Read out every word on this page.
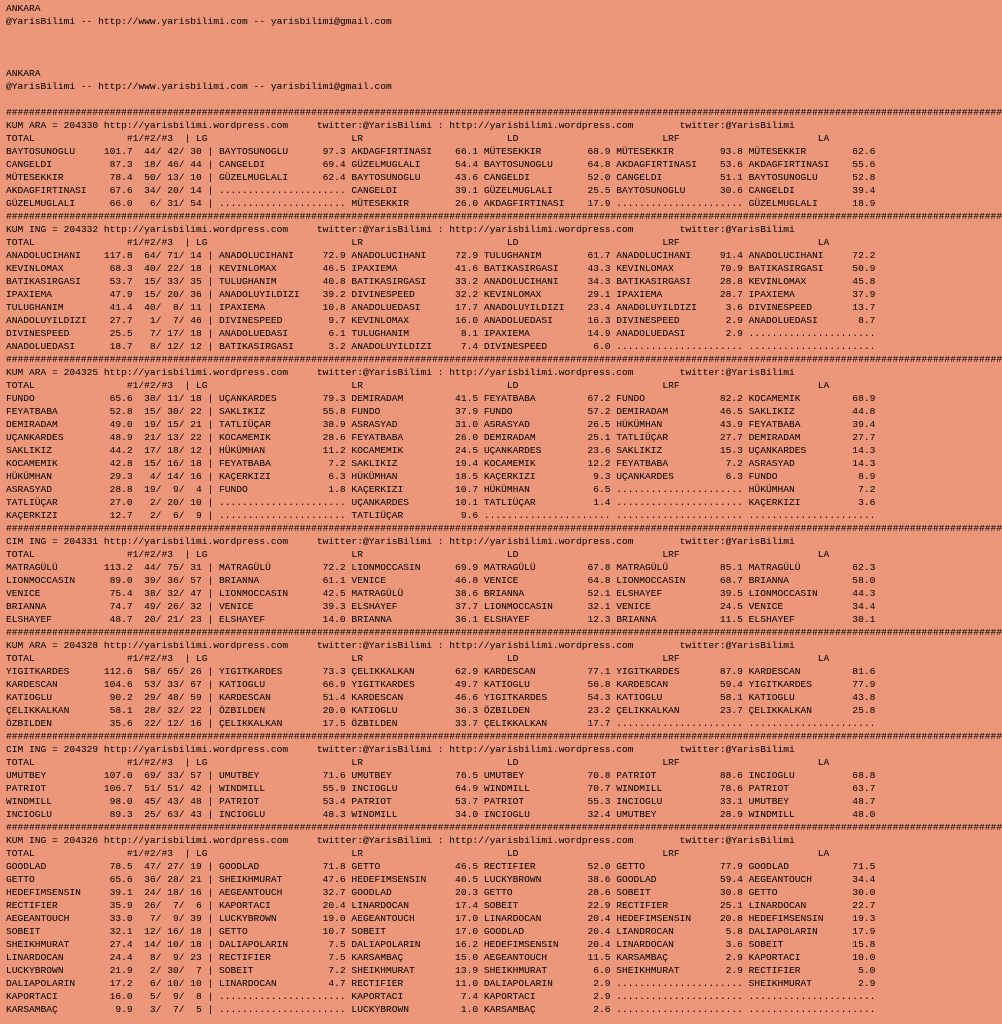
ANKARA
@YarisBilimi -- http://www.yarisbilimi.com -- yarisbilimi@gmail.com
ANKARA
@YarisBilimi -- http://www.yarisbilimi.com -- yarisbilimi@gmail.com
#############################################################################################################################################################################
KUM ARA = 204330 http://yarisbilimi.wordpress.com     twitter:@YarisBilimi : http://yarisbilimi.wordpress.com        twitter:@YarisBilimi
TOTAL                #1/#2/#3  | LG                         LR                         LD                         LRF                        LA
BAYTOSUNOGLU     101.7  44/ 42/ 30 | BAYTOSUNOGLU      97.3 AKDAGFIRTINASI    66.1 MÜTESEKKIR        68.9 MÜTESEKKIR        93.8 MÜTESEKKIR        62.6
CANGELDI          87.3  18/ 46/ 44 | CANGELDI          69.4 GÜZELMUGLALI      54.4 BAYTOSUNOGLU      64.8 AKDAGFIRTINASI    53.6 AKDAGFIRTINASI    55.6
MÜTESEKKIR        78.4  50/ 13/ 10 | GÜZELMUGLALI      62.4 BAYTOSUNOGLU      43.6 CANGELDI          52.0 CANGELDI          51.1 BAYTOSUNOGLU      52.8
AKDAGFIRTINASI    67.6  34/ 20/ 14 | ...................... CANGELDI          39.1 GÜZELMUGLALI      25.5 BAYTOSUNOGLU      30.6 CANGELDI          39.4
GÜZELMUGLALI      66.0   6/ 31/ 54 | ...................... MÜTESEKKIR        26.0 AKDAGFIRTINASI    17.9 ...................... GÜZELMUGLALI      18.9
#############################################################################################################################################################################
KUM ING = 204332 http://yarisbilimi.wordpress.com     twitter:@YarisBilimi : http://yarisbilimi.wordpress.com        twitter:@YarisBilimi
TOTAL                #1/#2/#3  | LG                         LR                         LD                         LRF                        LA
ANADOLUCIHANI    117.8  64/ 71/ 14 | ANADOLUCIHANI     72.9 ANADOLUCIHANI     72.9 TULUGHANIM        61.7 ANADOLUCIHANI     91.4 ANADOLUCIHANI     72.2
KEVINLOMAX        68.3  40/ 22/ 18 | KEVINLOMAX        46.5 IPAXIEMA          41.6 BATIKASIRGASI     43.3 KEVINLOMAX        70.9 BATIKASIRGASI     50.9
BATIKASIRGASI     53.7  15/ 33/ 35 | TULUGHANIM        40.8 BATIKASIRGASI     33.2 ANADOLUCIHANI     34.3 BATIKASIRGASI     28.8 KEVINLOMAX        45.8
IPAXIEMA          47.9  15/ 20/ 36 | ANADOLUYILDIZI    39.2 DIVINESPEED       32.2 KEVINLOMAX        29.1 IPAXIEMA          28.7 IPAXIEMA          37.9
TULUGHANIM        41.4  40/  8/ 11 | IPAXIEMA          10.8 ANADOLUEDASI      17.7 ANADOLUYILDIZI    23.4 ANADOLUYILDIZI     3.6 DIVINESPEED       13.7
ANADOLUYILDIZI    27.7   1/  7/ 46 | DIVINESPEED        9.7 KEVINLOMAX        16.0 ANADOLUEDASI      16.3 DIVINESPEED        2.9 ANADOLUEDASI       8.7
DIVINESPEED       25.5   7/ 17/ 18 | ANADOLUEDASI       6.1 TULUGHANIM         8.1 IPAXIEMA          14.9 ANADOLUEDASI       2.9 ......................
ANADOLUEDASI      18.7   8/ 12/ 12 | BATIKASIRGASI      3.2 ANADOLUYILDIZI     7.4 DIVINESPEED        6.0 ...................... ......................
#############################################################################################################################################################################
KUM ARA = 204325 http://yarisbilimi.wordpress.com     twitter:@YarisBilimi : http://yarisbilimi.wordpress.com        twitter:@YarisBilimi
TOTAL                #1/#2/#3  | LG                         LR                         LD                         LRF                        LA
FUNDO             65.6  38/ 11/ 18 | UÇANKARDES        79.3 DEMIRADAM         41.5 FEYATBABA         67.2 FUNDO             82.2 KOCAMEMIK         68.9
FEYATBABA         52.8  15/ 30/ 22 | SAKLIKIZ          55.8 FUNDO             37.9 FUNDO             57.2 DEMIRADAM         46.5 SAKLIKIZ          44.8
DEMIRADAM         49.0  19/ 15/ 21 | TATLIÜÇAR         38.9 ASRASYAD          31.0 ASRASYAD          26.5 HÜKÜMHAN          43.9 FEYATBABA         39.4
UÇANKARDES        48.9  21/ 13/ 22 | KOCAMEMIK         28.6 FEYATBABA         26.0 DEMIRADAM         25.1 TATLIÜÇAR         27.7 DEMIRADAM         27.7
SAKLIKIZ          44.2  17/ 18/ 12 | HÜKÜMHAN          11.2 KOCAMEMIK         24.5 UÇANKARDES        23.6 SAKLIKIZ          15.3 UÇANKARDES        14.3
KOCAMEMIK         42.8  15/ 16/ 18 | FEYATBABA          7.2 SAKLIKIZ          19.4 KOCAMEMIK         12.2 FEYATBABA          7.2 ASRASYAD          14.3
HÜKÜMHAN          29.3   4/ 14/ 16 | KAÇERKIZI          6.3 HÜKÜMHAN          18.5 KAÇERKIZI          9.3 UÇANKARDES         6.3 FUNDO              8.9
ASRASYAD          28.8  19/  9/  4 | FUNDO              1.8 KAÇERKIZI         10.7 HÜKÜMHAN           6.5 ...................... HÜKÜMHAN           7.2
TATLIÜÇAR         27.0   2/ 20/ 10 | ...................... UÇANKARDES        10.1 TATLIÜÇAR          1.4 ...................... KAÇERKIZI          3.6
KAÇERKIZI         12.7   2/  6/  9 | ...................... TATLIÜÇAR          9.6 ...................... ...................... ......................
#############################################################################################################################################################################
CIM ING = 204331 http://yarisbilimi.wordpress.com     twitter:@YarisBilimi : http://yarisbilimi.wordpress.com        twitter:@YarisBilimi
TOTAL                #1/#2/#3  | LG                         LR                         LD                         LRF                        LA
MATRAGÜLÜ        113.2  44/ 75/ 31 | MATRAGÜLÜ         72.2 LIONMOCCASIN      69.9 MATRAGÜLÜ         67.8 MATRAGÜLÜ         85.1 MATRAGÜLÜ         62.3
LIONMOCCASIN      89.0  39/ 36/ 57 | BRIANNA           61.1 VENICE            46.8 VENICE            64.8 LIONMOCCASIN      68.7 BRIANNA           58.0
VENICE            75.4  38/ 32/ 47 | LIONMOCCASIN      42.5 MATRAGÜLÜ         38.6 BRIANNA           52.1 ELSHAYEF          39.5 LIONMOCCASIN      44.3
BRIANNA           74.7  49/ 26/ 32 | VENICE            39.3 ELSHAYEF          37.7 LIONMOCCASIN      32.1 VENICE            24.5 VENICE            34.4
ELSHAYEF          48.7  20/ 21/ 23 | ELSHAYEF          14.0 BRIANNA           36.1 ELSHAYEF          12.3 BRIANNA           11.5 ELSHAYEF          30.1
#############################################################################################################################################################################
KUM ARA = 204328 http://yarisbilimi.wordpress.com     twitter:@YarisBilimi : http://yarisbilimi.wordpress.com        twitter:@YarisBilimi
TOTAL                #1/#2/#3  | LG                         LR                         LD                         LRF                        LA
YIGITKARDES      112.6  58/ 65/ 26 | YIGITKARDES       73.3 ÇELIKKALKAN       62.9 KARDESCAN         77.1 YIGITKARDES       87.9 KARDESCAN         81.6
KARDESCAN        104.6  53/ 33/ 67 | KATIOGLU          66.9 YIGITKARDES       49.7 KATIOGLU          56.8 KARDESCAN         59.4 YIGITKARDES       77.9
KATIOGLU          90.2  29/ 48/ 59 | KARDESCAN         51.4 KARDESCAN         46.6 YIGITKARDES       54.3 KATIOGLU          58.1 KATIOGLU          43.8
ÇELIKKALKAN       58.1  28/ 32/ 22 | ÖZBILDEN          20.0 KATIOGLU          36.3 ÖZBILDEN          23.2 ÇELIKKALKAN       23.7 ÇELIKKALKAN       25.8
ÖZBILDEN          35.6  22/ 12/ 16 | ÇELIKKALKAN       17.5 ÖZBILDEN          33.7 ÇELIKKALKAN       17.7 ...................... ......................
#############################################################################################################################################################################
CIM ING = 204329 http://yarisbilimi.wordpress.com     twitter:@YarisBilimi : http://yarisbilimi.wordpress.com        twitter:@YarisBilimi
TOTAL                #1/#2/#3  | LG                         LR                         LD                         LRF                        LA
UMUTBEY          107.0  69/ 33/ 57 | UMUTBEY           71.6 UMUTBEY           76.5 UMUTBEY           70.8 PATRIOT           88.6 INCIOGLU          68.8
PATRIOT          106.7  51/ 51/ 42 | WINDMILL          55.9 INCIOGLU          64.9 WINDMILL          70.7 WINDMILL          78.6 PATRIOT           63.7
WINDMILL          98.0  45/ 43/ 48 | PATRIOT           53.4 PATRIOT           53.7 PATRIOT           55.3 INCIOGLU          33.1 UMUTBEY           48.7
INCIOGLU          89.3  25/ 63/ 43 | INCIOGLU          48.3 WINDMILL          34.0 INCIOGLU          32.4 UMUTBEY           28.9 WINDMILL          48.0
#############################################################################################################################################################################
KUM ING = 204326 http://yarisbilimi.wordpress.com     twitter:@YarisBilimi : http://yarisbilimi.wordpress.com        twitter:@YarisBilimi
TOTAL                #1/#2/#3  | LG                         LR                         LD                         LRF                        LA
GOODLAD           78.5  47/ 27/ 19 | GOODLAD           71.8 GETTO             46.5 RECTIFIER         52.0 GETTO             77.9 GOODLAD           71.5
GETTO             65.6  36/ 28/ 21 | SHEIKHMURAT       47.6 HEDEFIMSENSIN     46.5 LUCKYBROWN        38.6 GOODLAD           59.4 AEGEANTOUCH       34.4
HEDEFIMSENSIN     39.1  24/ 18/ 16 | AEGEANTOUCH       32.7 GOODLAD           20.3 GETTO             28.6 SOBEIT            30.8 GETTO             30.0
RECTIFIER         35.9  26/  7/  6 | KAPORTACI         20.4 LINARDOCAN        17.4 SOBEIT            22.9 RECTIFIER         25.1 LINARDOCAN        22.7
AEGEANTOUCH       33.0   7/  9/ 39 | LUCKYBROWN        19.0 AEGEANTOUCH       17.0 LINARDOCAN        20.4 HEDEFIMSENSIN     20.8 HEDEFIMSENSIN     19.3
SOBEIT            32.1  12/ 16/ 18 | GETTO             10.7 SOBEIT            17.0 GOODLAD           20.4 LIANDROCAN         5.8 DALIAPOLARIN      17.9
SHEIKHMURAT       27.4  14/ 10/ 18 | DALIAPOLARIN       7.5 DALIAPOLARIN      16.2 HEDEFIMSENSIN     20.4 LINARDOCAN         3.6 SOBEIT            15.8
LINARDOCAN        24.4   8/  9/ 23 | RECTIFIER          7.5 KARSAMBAÇ         15.0 AEGEANTOUCH       11.5 KARSAMBAÇ          2.9 KAPORTACI         10.0
LUCKYBROWN        21.9   2/ 30/  7 | SOBEIT             7.2 SHEIKHMURAT       13.9 SHEIKHMURAT        6.0 SHEIKHMURAT        2.9 RECTIFIER          5.0
DALIAPOLARIN      17.2   6/ 10/ 10 | LINARDOCAN         4.7 RECTIFIER         11.0 DALIAPOLARIN       2.9 ...................... SHEIKHMURAT        2.9
KAPORTACI         16.0   5/  9/  8 | ...................... KAPORTACI          7.4 KAPORTACI          2.9 ...................... ......................
KARSAMBAÇ          9.9   3/  7/  5 | ...................... LUCKYBROWN         1.0 KARSAMBAÇ          2.6 ...................... ......................
